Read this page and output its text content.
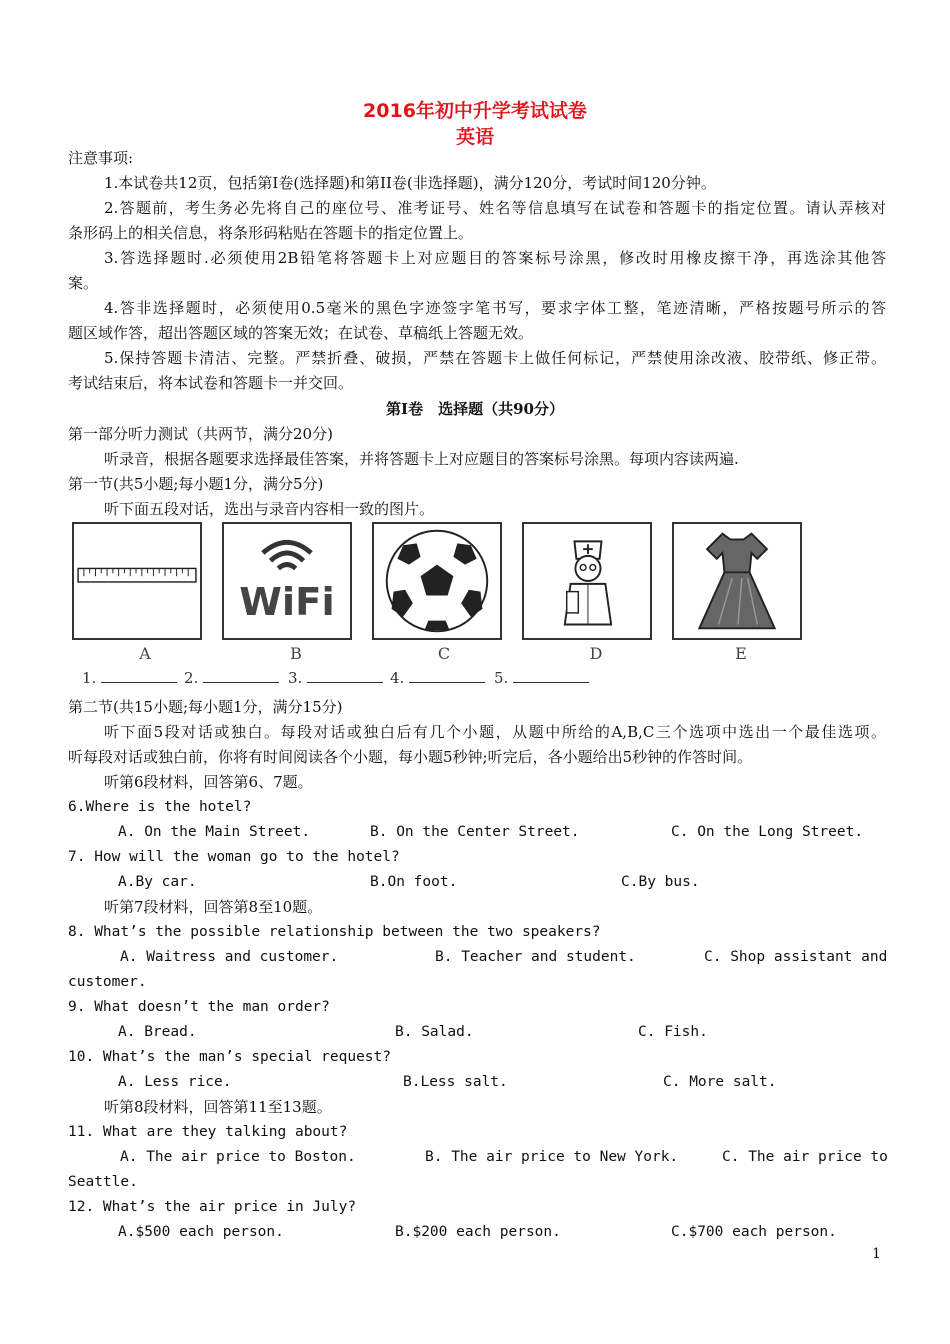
2016年初中升学考试试卷
英语
注意事项:
1.本试卷共12页，包括第I卷(选择题)和第II卷(非选择题)，满分120分，考试时间120分钟。
2.答题前，考生务必先将自己的座位号、准考证号、姓名等信息填写在试卷和答题卡的指定位置。请认弄核对
条形码上的相关信息，将条形码粘贴在答题卡的指定位置上。
3.答选择题时.必须使用2B铅笔将答题卡上对应题目的答案标号涂黑，修改时用橡皮擦干净，再选涂其他答
案。
4.答非选择题时，必须使用0.5毫米的黑色字迹签字笔书写，要求字体工整，笔迹清晰，严格按题号所示的答
题区域作答，超出答题区域的答案无效；在试卷、草稿纸上答题无效。
5.保持答题卡清洁、完整。严禁折叠、破损，严禁在答题卡上做任何标记，严禁使用涂改液、胶带纸、修正带。
考试结束后，将本试卷和答题卡一并交回。
第Ⅰ卷　选择题（共90分）
第一部分听力测试（共两节，满分20分)
听录音，根据各题要求选择最佳答案，并将答题卡上对应题目的答案标号涂黑。每项内容读两遍.
第一节(共5小题;每小题1分，满分5分)
听下面五段对话，选出与录音内容相一致的图片。
WiFi
A	B	C	D	E
1.	2.	3.	4.	5.
第二节(共15小题;每小题1分，满分15分)
听下面5段对话或独白。每段对话或独白后有几个小题，从题中所给的A,B,C三个选项中选出一个最佳选项。
听每段对话或独白前，你将有时间阅读各个小题，每小题5秒钟;听完后，各小题给出5秒钟的作答时间。
听第6段材料，回答第6、7题。
6.Where is the hotel?
A. On the Main Street.	B. On the Center Street.	C. On the Long Street.
7. How will the woman go to the hotel?
A.By car.	B.On foot.	C.By bus.
听第7段材料，回答第8至10题。
8. What’s the possible relationship between the two speakers?
A. Waitress and customer.	B. Teacher and student.	C. Shop assistant and
customer.
9. What doesn’t the man order?
A. Bread.	B. Salad.	C. Fish.
10. What’s the man’s special request?
A. Less rice.	B.Less salt.	C. More salt.
听第8段材料，回答第11至13题。
11. What are they talking about?
A. The air price to Boston.	B. The air price to New York.	C. The air price to
Seattle.
12. What’s the air price in July?
A.$500 each person.	B.$200 each person.	C.$700 each person.
1
